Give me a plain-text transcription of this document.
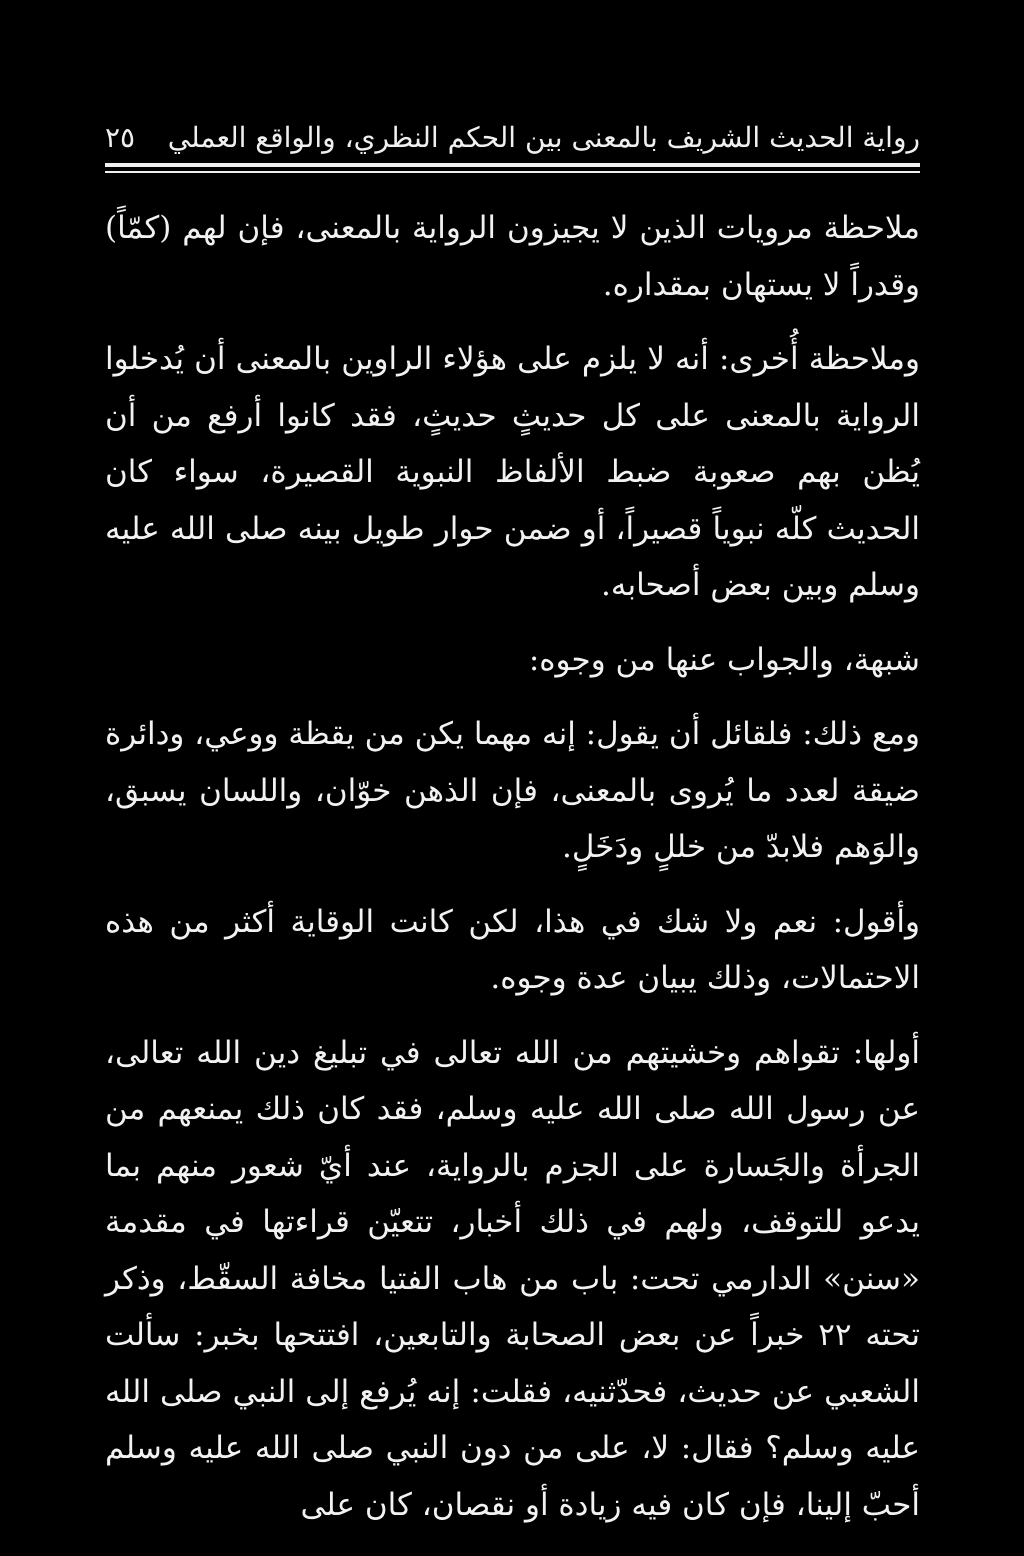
رواية الحديث الشريف بالمعنى بين الحكم النظري، والواقع العملي
٢٥

ملاحظة مرويات الذين لا يجيزون الرواية بالمعنى، فإن لهم (كمّاً) وقدراً لا يستهان بمقداره.

وملاحظة أُخرى: أنه لا يلزم على هؤلاء الراوين بالمعنى أن يُدخلوا الرواية بالمعنى على كل حديثٍ حديثٍ، فقد كانوا أرفع من أن يُظن بهم صعوبة ضبط الألفاظ النبوية القصيرة، سواء كان الحديث كلّه نبوياً قصيراً، أو ضمن حوار طويل بينه صلى الله عليه وسلم وبين بعض أصحابه.

شبهة، والجواب عنها من وجوه:

ومع ذلك: فلقائل أن يقول: إنه مهما يكن من يقظة ووعي، ودائرة ضيقة لعدد ما يُروى بالمعنى، فإن الذهن خوّان، واللسان يسبق، والوَهم فلابدّ من خللٍ ودَخَلٍ.

وأقول: نعم ولا شك في هذا، لكن كانت الوقاية أكثر من هذه الاحتمالات، وذلك يبيان عدة وجوه.

أولها: تقواهم وخشيتهم من الله تعالى في تبليغ دين الله تعالى، عن رسول الله صلى الله عليه وسلم، فقد كان ذلك يمنعهم من الجرأة والجَسارة على الجزم بالرواية، عند أيّ شعور منهم بما يدعو للتوقف، ولهم في ذلك أخبار، تتعيّن قراءتها في مقدمة «سنن» الدارمي تحت: باب من هاب الفتيا مخافة السقّط، وذكر تحته ٢٢ خبراً عن بعض الصحابة والتابعين، افتتحها بخبر: سألت الشعبي عن حديث، فحدّثنيه، فقلت: إنه يُرفع إلى النبي صلى الله عليه وسلم؟ فقال: لا، على من دون النبي صلى الله عليه وسلم أحبّ إلينا، فإن كان فيه زيادة أو نقصان، كان على
